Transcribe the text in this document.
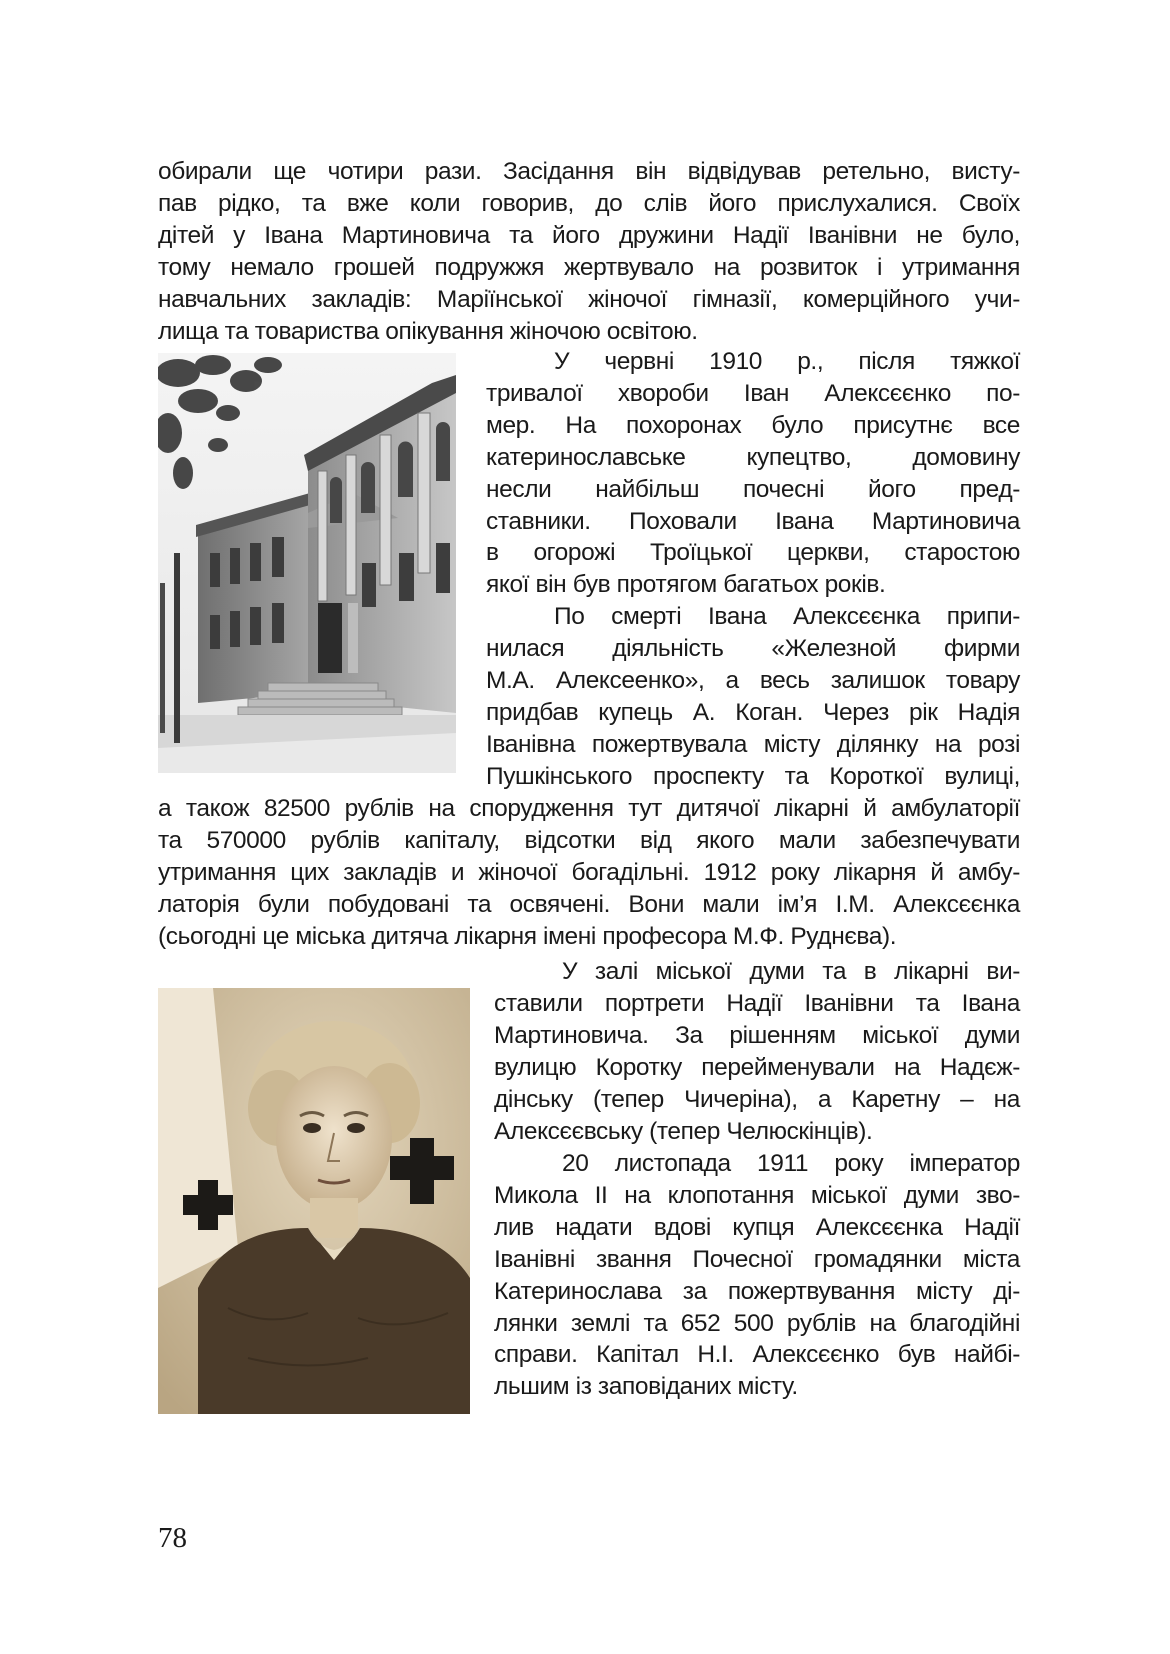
обирали ще чотири рази. Засідання він відвідував ретельно, висту-
пав рідко, та вже коли говорив, до слів його прислухалися. Своїх
дітей у Івана Мартиновича та його дружини Надії Іванівни не було,
тому немало грошей подружжя жертвувало на розвиток і утримання
навчальних закладів: Маріїнської жіночої гімназії, комерційного учи-
лища та товариства опікування жіночою освітою.

У червні 1910 р., після тяжкої
тривалої хвороби Іван Алексєєнко по-
мер. На похоронах було присутнє все
катеринославське купецтво, домовину
несли найбільш почесні його пред-
ставники. Поховали Івана Мартиновича
в огорожі Троїцької церкви, старостою
якої він був протягом багатьох років.

По смерті Івана Алексєєнка припи-
нилася діяльність «Железной фирми
М.А. Алексеенко», а весь залишок товару
придбав купець А. Коган. Через рік Надія
Іванівна пожертвувала місту ділянку на розі
Пушкінського проспекту та Короткої вулиці,

а також 82500 рублів на спорудження тут дитячої лікарні й амбулаторії
та 570000 рублів капіталу, відсотки від якого мали забезпечувати
утримання цих закладів и жіночої богадільні. 1912 року лікарня й амбу-
латорія були побудовані та освячені. Вони мали ім’я І.М. Алексєєнка
(сьогодні це міська дитяча лікарня імені професора М.Ф. Руднєва).

У залі міської думи та в лікарні ви-
ставили портрети Надії Іванівни та Івана
Мартиновича. За рішенням міської думи
вулицю Коротку перейменували на Надєж-
дінську (тепер Чичеріна), а Каретну – на
Алексєєвську (тепер Челюскінців).

20 листопада 1911 року імператор
Микола ІІ на клопотання міської думи зво-
лив надати вдові купця Алексєєнка Надії
Іванівні звання Почесної громадянки міста
Катеринослава за пожертвування місту ді-
лянки землі та 652 500 рублів на благодійні
справи. Капітал Н.І. Алексєєнко був найбі-
льшим із заповіданих місту.

78
